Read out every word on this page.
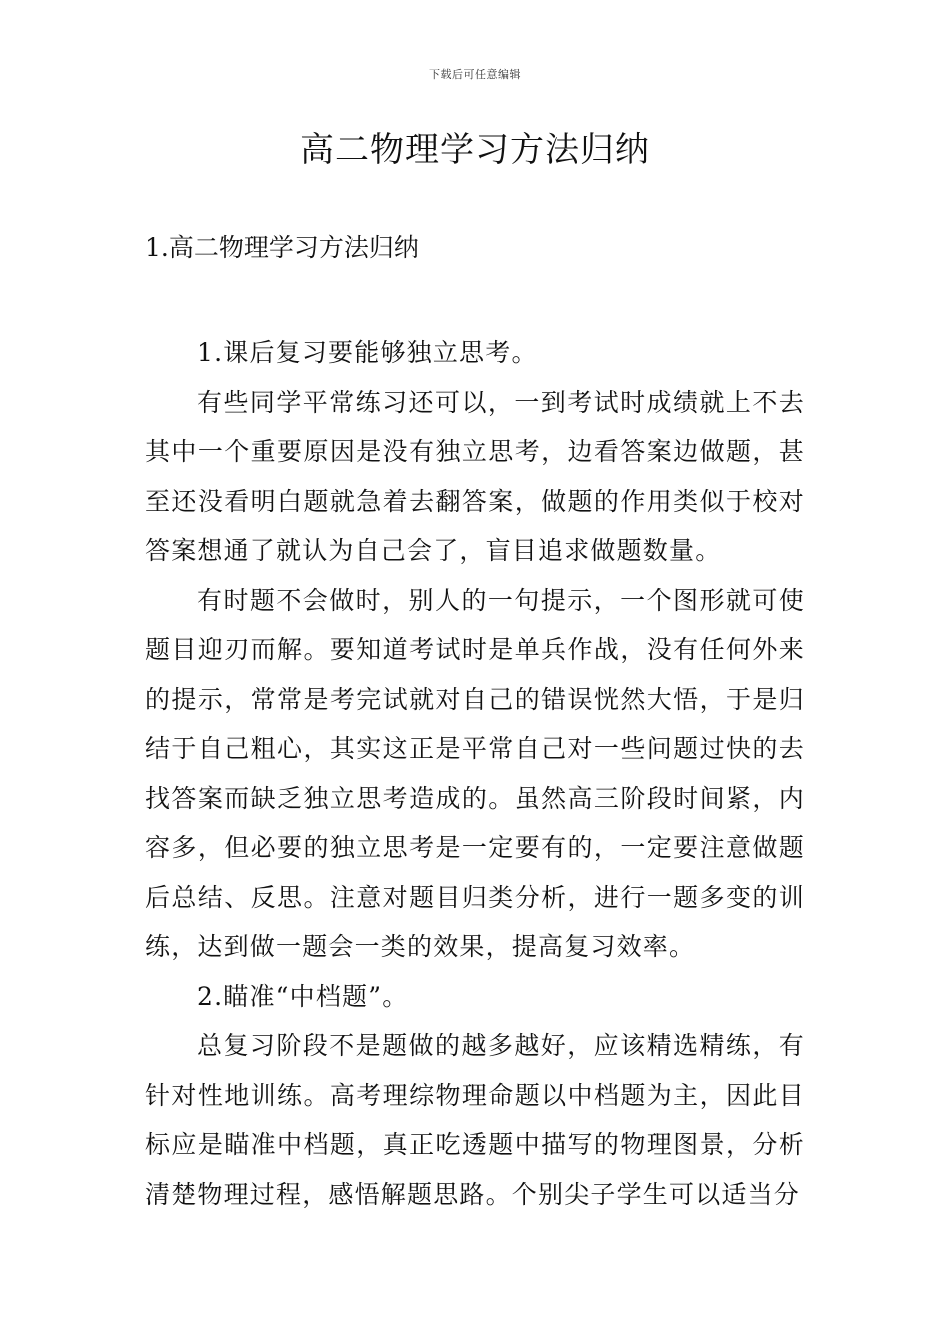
下载后可任意编辑
高二物理学习方法归纳
1.高二物理学习方法归纳

1.课后复习要能够独立思考。

有些同学平常练习还可以，一到考试时成绩就上不去其中一个重要原因是没有独立思考，边看答案边做题，甚至还没看明白题就急着去翻答案，做题的作用类似于校对答案想通了就认为自己会了，盲目追求做题数量。

有时题不会做时，别人的一句提示，一个图形就可使题目迎刃而解。要知道考试时是单兵作战，没有任何外来的提示，常常是考完试就对自己的错误恍然大悟，于是归结于自己粗心，其实这正是平常自己对一些问题过快的去找答案而缺乏独立思考造成的。虽然高三阶段时间紧，内容多，但必要的独立思考是一定要有的，一定要注意做题后总结、反思。注意对题目归类分析，进行一题多变的训练，达到做一题会一类的效果，提高复习效率。

2.瞄准“中档题”。

总复习阶段不是题做的越多越好，应该精选精练，有针对性地训练。高考理综物理命题以中档题为主，因此目标应是瞄准中档题，真正吃透题中描写的物理图景，分析清楚物理过程，感悟解题思路。个别尖子学生可以适当分
